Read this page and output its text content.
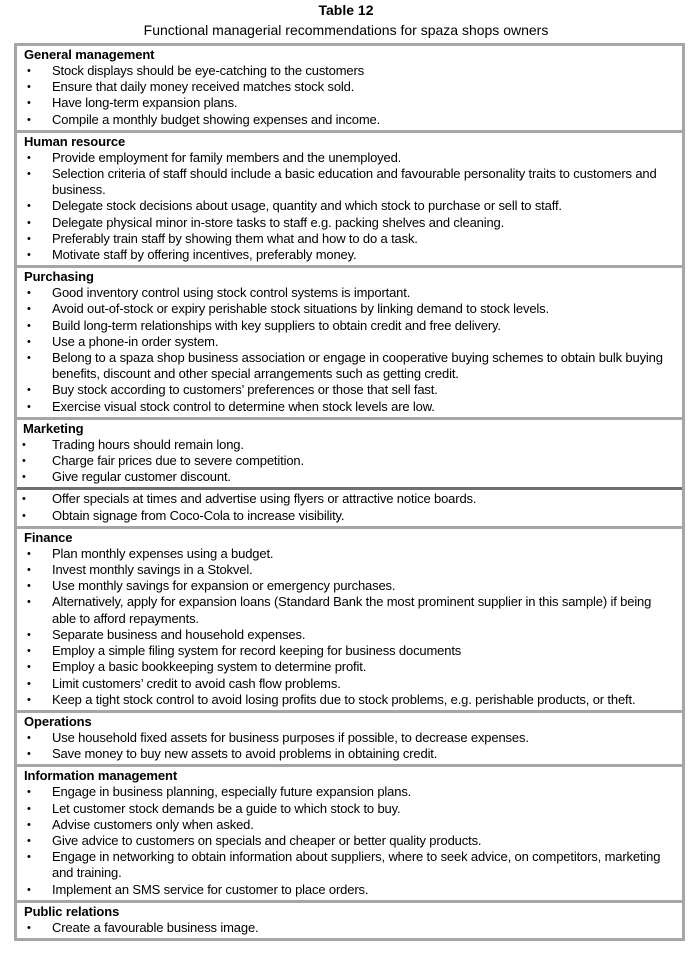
Table 12
Functional managerial recommendations for spaza shops owners
General management
• Stock displays should be eye-catching to the customers
• Ensure that daily money received matches stock sold.
• Have long-term expansion plans.
• Compile a monthly budget showing expenses and income.
Human resource
• Provide employment for family members and the unemployed.
• Selection criteria of staff should include a basic education and favourable personality traits to customers and business.
• Delegate stock decisions about usage, quantity and which stock to purchase or sell to staff.
• Delegate physical minor in-store tasks to staff e.g. packing shelves and cleaning.
• Preferably train staff by showing them what and how to do a task.
• Motivate staff by offering incentives, preferably money.
Purchasing
• Good inventory control using stock control systems is important.
• Avoid out-of-stock or expiry perishable stock situations by linking demand to stock levels.
• Build long-term relationships with key suppliers to obtain credit and free delivery.
• Use a phone-in order system.
• Belong to a spaza shop business association or engage in cooperative buying schemes to obtain bulk buying benefits, discount and other special arrangements such as getting credit.
• Buy stock according to customers’ preferences or those that sell fast.
• Exercise visual stock control to determine when stock levels are low.
Marketing
• Trading hours should remain long.
• Charge fair prices due to severe competition.
• Give regular customer discount.
• Offer specials at times and advertise using flyers or attractive notice boards.
• Obtain signage from Coco-Cola to increase visibility.
Finance
• Plan monthly expenses using a budget.
• Invest monthly savings in a Stokvel.
• Use monthly savings for expansion or emergency purchases.
• Alternatively, apply for expansion loans (Standard Bank the most prominent supplier in this sample) if being able to afford repayments.
• Separate business and household expenses.
• Employ a simple filing system for record keeping for business documents
• Employ a basic bookkeeping system to determine profit.
• Limit customers’ credit to avoid cash flow problems.
• Keep a tight stock control to avoid losing profits due to stock problems, e.g. perishable products, or theft.
Operations
• Use household fixed assets for business purposes if possible, to decrease expenses.
• Save money to buy new assets to avoid problems in obtaining credit.
Information management
• Engage in business planning, especially future expansion plans.
• Let customer stock demands be a guide to which stock to buy.
• Advise customers only when asked.
• Give advice to customers on specials and cheaper or better quality products.
• Engage in networking to obtain information about suppliers, where to seek advice, on competitors, marketing and training.
• Implement an SMS service for customer to place orders.
Public relations
• Create a favourable business image.
